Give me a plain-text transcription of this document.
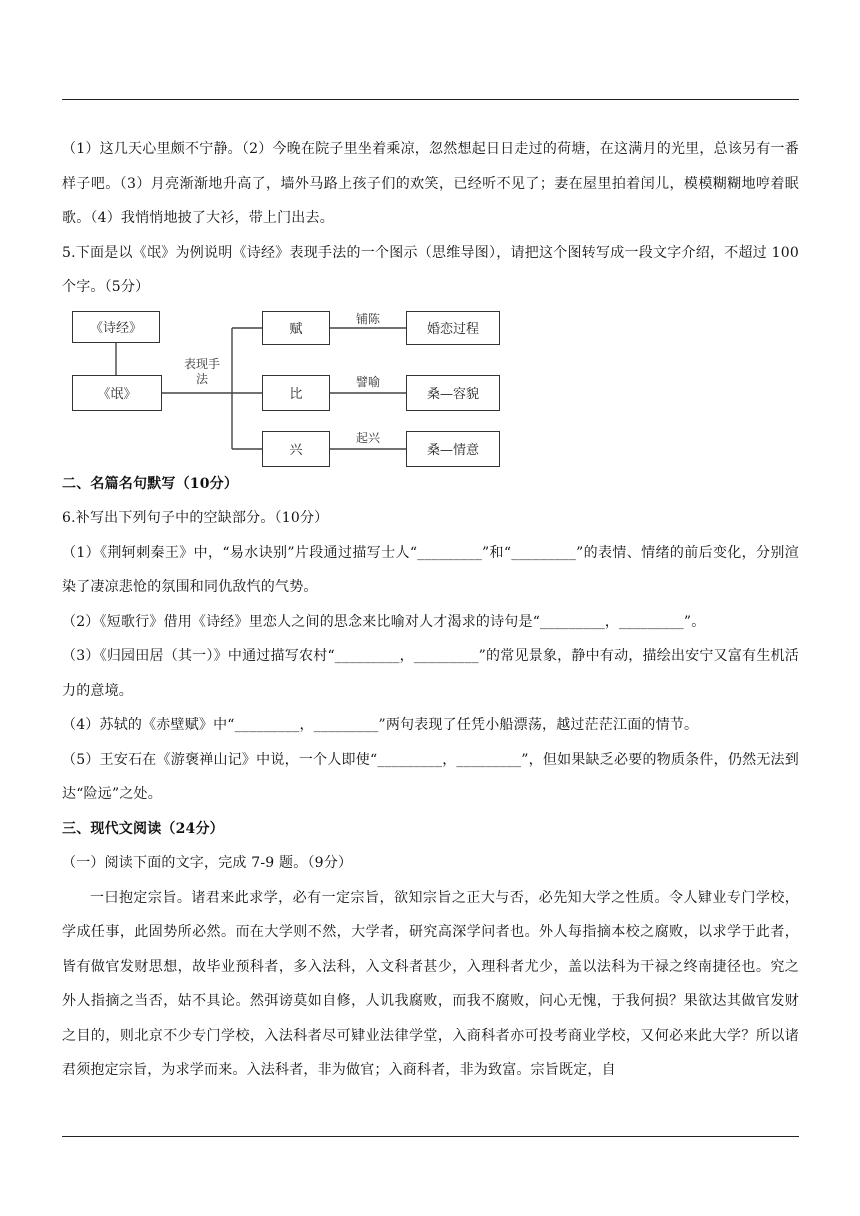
（1）这几天心里颇不宁静。（2）今晚在院子里坐着乘凉，忽然想起日日走过的荷塘，在这满月的光里，总该另有一番样子吧。（3）月亮渐渐地升高了，墙外马路上孩子们的欢笑，已经听不见了；妻在屋里拍着闰儿，模模糊糊地哼着眠歌。（4）我悄悄地披了大衫，带上门出去。

5.下面是以《氓》为例说明《诗经》表现手法的一个图示（思维导图），请把这个图转写成一段文字介绍，不超过 100 个字。（5分）

《诗经》
《氓》
表现手法
赋
比
兴
铺陈
譬喻
起兴
婚恋过程
桑—容貌
桑—情意

二、名篇名句默写（10分）

6.补写出下列句子中的空缺部分。（10分）

（1）《荆轲刺秦王》中，“易水诀别”片段通过描写士人“_________”和“_________”的表情、情绪的前后变化，分别渲染了凄凉悲怆的氛围和同仇敌忾的气势。

（2）《短歌行》借用《诗经》里恋人之间的思念来比喻对人才渴求的诗句是“_________，_________”。

（3）《归园田居（其一）》中通过描写农村“_________，_________”的常见景象，静中有动，描绘出安宁又富有生机活力的意境。

（4）苏轼的《赤壁赋》中“_________，_________”两句表现了任凭小船漂荡，越过茫茫江面的情节。

（5）王安石在《游褒禅山记》中说，一个人即使“_________，_________”，但如果缺乏必要的物质条件，仍然无法到达“险远”之处。

三、现代文阅读（24分）

（一）阅读下面的文字，完成 7-9 题。（9分）

一曰抱定宗旨。诸君来此求学，必有一定宗旨，欲知宗旨之正大与否，必先知大学之性质。令人肄业专门学校，学成任事，此固势所必然。而在大学则不然，大学者，研究高深学问者也。外人每指摘本校之腐败，以求学于此者，皆有做官发财思想，故毕业预科者，多入法科，入文科者甚少，入理科者尤少，盖以法科为干禄之终南捷径也。究之外人指摘之当否，姑不具论。然弭谤莫如自修，人讥我腐败，而我不腐败，问心无愧，于我何损？果欲达其做官发财之目的，则北京不少专门学校，入法科者尽可肄业法律学堂，入商科者亦可投考商业学校，又何必来此大学？所以诸君须抱定宗旨，为求学而来。入法科者，非为做官；入商科者，非为致富。宗旨既定，自
